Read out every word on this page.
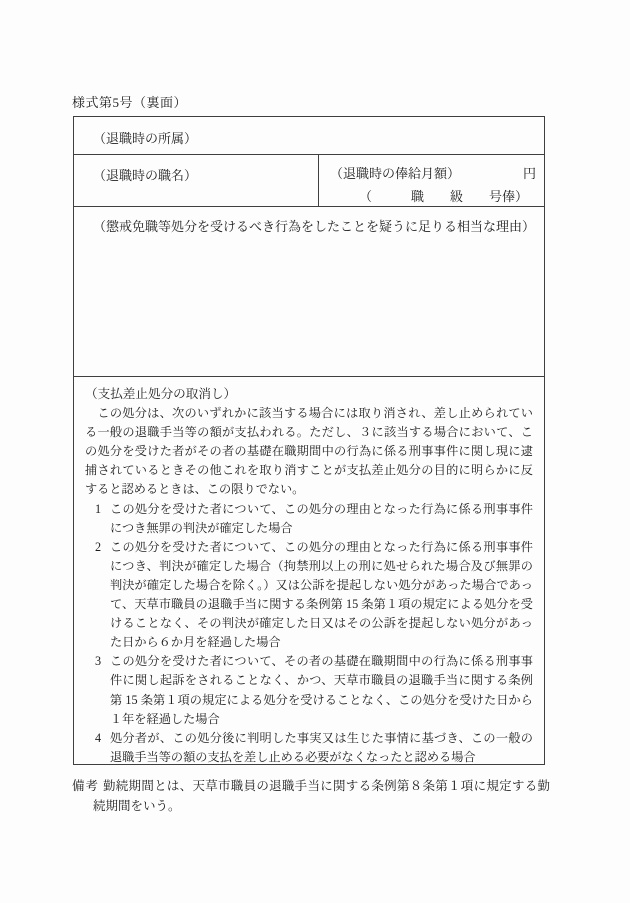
様式第5号（裏面）
（退職時の所属）
（退職時の職名）	（退職時の俸給月額）	円
（　　　職　　級　　号俸）
（懲戒免職等処分を受けるべき行為をしたことを疑うに足りる相当な理由）
（支払差止処分の取消し）

　この処分は、次のいずれかに該当する場合には取り消され、差し止められている一般の退職手当等の額が支払われる。ただし、３に該当する場合において、この処分を受けた者がその者の基礎在職期間中の行為に係る刑事事件に関し現に逮捕されているときその他これを取り消すことが支払差止処分の目的に明らかに反すると認めるときは、この限りでない。

1 この処分を受けた者について、この処分の理由となった行為に係る刑事事件につき無罪の判決が確定した場合
2 この処分を受けた者について、この処分の理由となった行為に係る刑事事件につき、判決が確定した場合（拘禁刑以上の刑に処せられた場合及び無罪の判決が確定した場合を除く。）又は公訴を提起しない処分があった場合であって、天草市職員の退職手当に関する条例第 15 条第１項の規定による処分を受けることなく、その判決が確定した日又はその公訴を提起しない処分があった日から６か月を経過した場合
3 この処分を受けた者について、その者の基礎在職期間中の行為に係る刑事事件に関し起訴をされることなく、かつ、天草市職員の退職手当に関する条例第 15 条第１項の規定による処分を受けることなく、この処分を受けた日から１年を経過した場合
4 処分者が、この処分後に判明した事実又は生じた事情に基づき、この一般の退職手当等の額の支払を差し止める必要がなくなったと認める場合
備考 勤続期間とは、天草市職員の退職手当に関する条例第８条第１項に規定する勤続期間をいう。
